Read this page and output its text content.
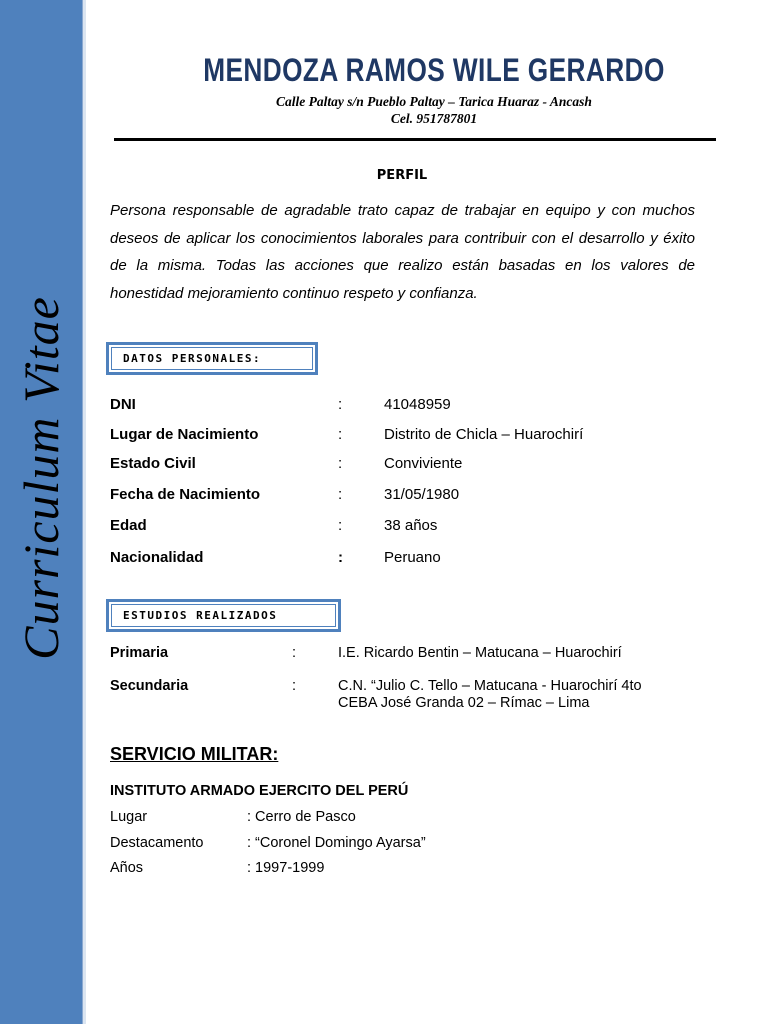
Curriculum Vitae
MENDOZA RAMOS WILE GERARDO
Calle Paltay s/n Pueblo Paltay – Tarica Huaraz - Ancash
Cel. 951787801
PERFIL
Persona responsable de agradable trato capaz de trabajar en equipo y con muchos deseos de aplicar los conocimientos laborales para contribuir con el desarrollo y éxito de la misma. Todas las acciones que realizo están basadas en los valores de honestidad mejoramiento continuo respeto y confianza.
DATOS PERSONALES:
DNI	:	41048959
Lugar de Nacimiento	:	Distrito de Chicla – Huarochirí
Estado Civil	:	Conviviente
Fecha de Nacimiento	:	31/05/1980
Edad	:	38 años
Nacionalidad	:	Peruano
ESTUDIOS REALIZADOS
Primaria	:	I.E. Ricardo Bentin – Matucana – Huarochirí
Secundaria	:	C.N. “Julio C. Tello – Matucana - Huarochirí 4to
CEBA José Granda 02 – Rímac – Lima
SERVICIO MILITAR:
INSTITUTO ARMADO EJERCITO DEL PERÚ
Lugar	: Cerro de Pasco
Destacamento	: “Coronel Domingo Ayarsa”
Años	: 1997-1999
